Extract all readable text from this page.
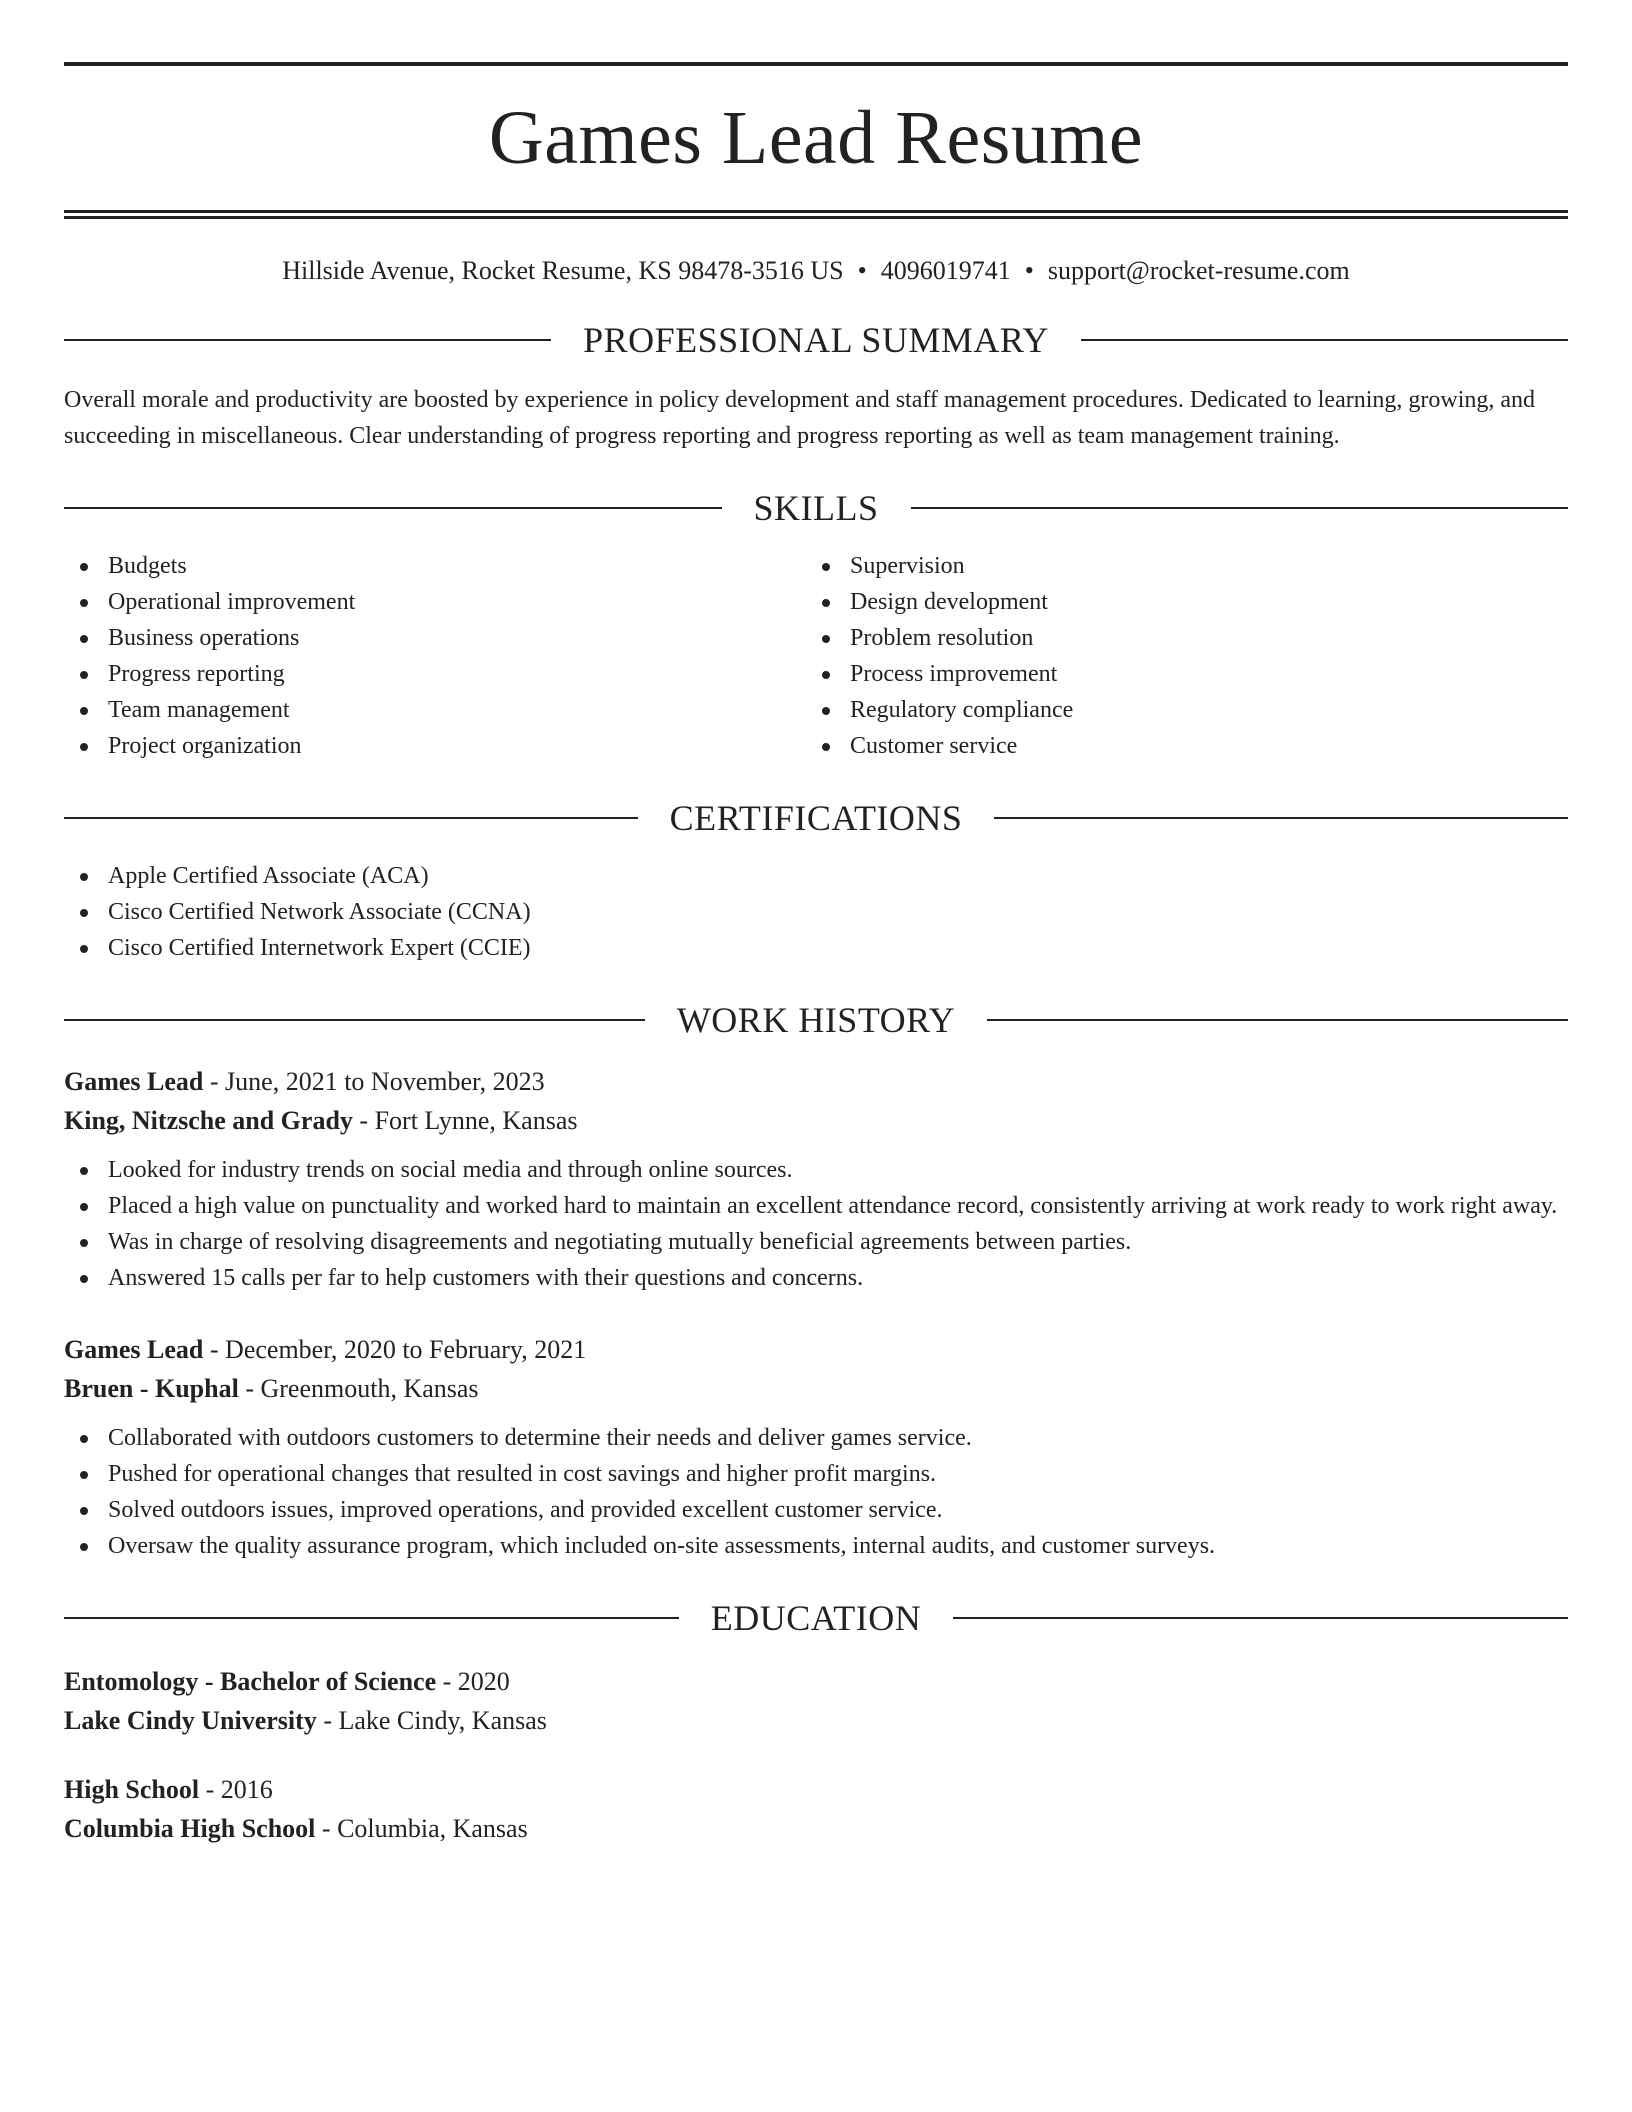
Games Lead Resume
Hillside Avenue, Rocket Resume, KS 98478-3516 US • 4096019741 • support@rocket-resume.com
PROFESSIONAL SUMMARY

Overall morale and productivity are boosted by experience in policy development and staff management procedures. Dedicated to learning, growing, and succeeding in miscellaneous. Clear understanding of progress reporting and progress reporting as well as team management training.

SKILLS
Budgets
Operational improvement
Business operations
Progress reporting
Team management
Project organization
Supervision
Design development
Problem resolution
Process improvement
Regulatory compliance
Customer service
CERTIFICATIONS
Apple Certified Associate (ACA)
Cisco Certified Network Associate (CCNA)
Cisco Certified Internetwork Expert (CCIE)
WORK HISTORY
Games Lead - June, 2021 to November, 2023
King, Nitzsche and Grady - Fort Lynne, Kansas
Looked for industry trends on social media and through online sources.
Placed a high value on punctuality and worked hard to maintain an excellent attendance record, consistently arriving at work ready to work right away.
Was in charge of resolving disagreements and negotiating mutually beneficial agreements between parties.
Answered 15 calls per far to help customers with their questions and concerns.
Games Lead - December, 2020 to February, 2021
Bruen - Kuphal - Greenmouth, Kansas
Collaborated with outdoors customers to determine their needs and deliver games service.
Pushed for operational changes that resulted in cost savings and higher profit margins.
Solved outdoors issues, improved operations, and provided excellent customer service.
Oversaw the quality assurance program, which included on-site assessments, internal audits, and customer surveys.
EDUCATION
Entomology - Bachelor of Science - 2020
Lake Cindy University - Lake Cindy, Kansas
High School - 2016
Columbia High School - Columbia, Kansas
